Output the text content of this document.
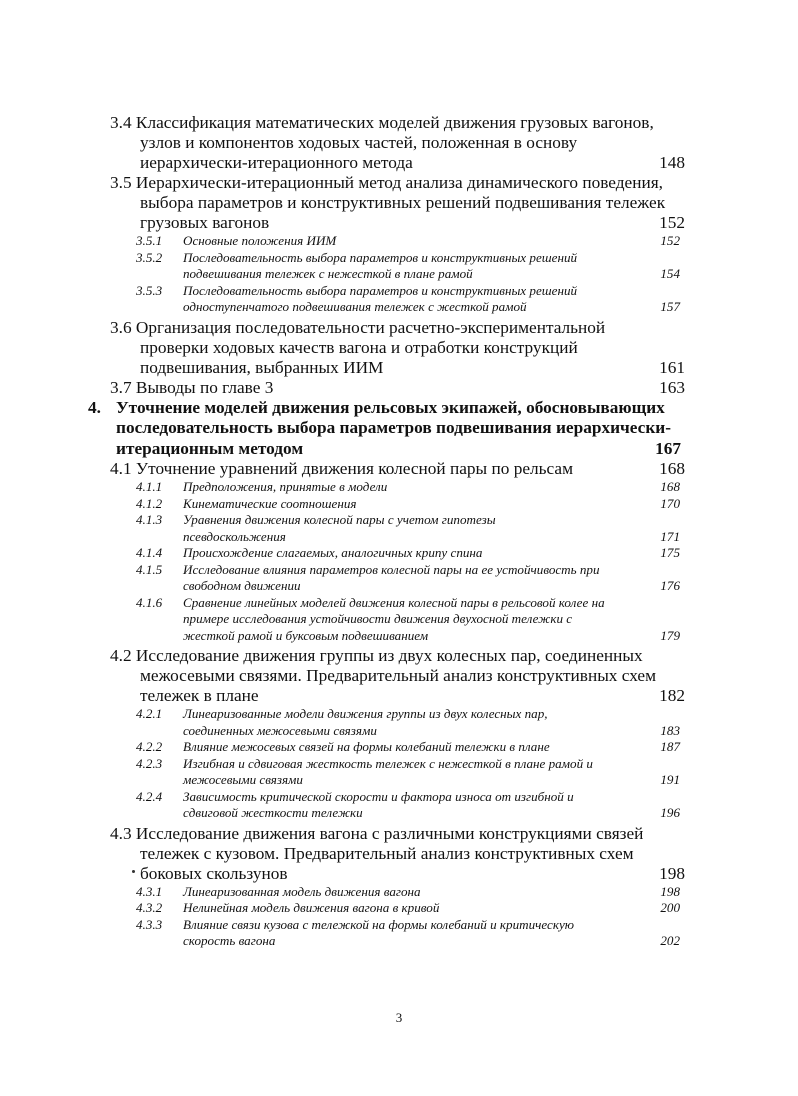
3.4 Классификация математических моделей движения грузовых вагонов,
узлов и компонентов ходовых частей, положенная в основу
иерархически-итерационного метода	148
3.5 Иерархически-итерационный метод анализа динамического поведения,
выбора параметров и конструктивных решений подвешивания тележек
грузовых вагонов	152
3.5.1	Основные положения ИИМ	152
3.5.2	Последовательность выбора параметров и конструктивных решений
подвешивания тележек с нежесткой в плане рамой	154
3.5.3	Последовательность выбора параметров и конструктивных решений
одноступенчатого подвешивания тележек с жесткой рамой	157
3.6 Организация последовательности расчетно-экспериментальной
проверки ходовых качеств вагона и отработки конструкций
подвешивания, выбранных ИИМ	161
3.7 Выводы по главе 3	163
4. Уточнение моделей движения рельсовых экипажей, обосновывающих
последовательность выбора параметров подвешивания иерархически-
итерационным методом	167
4.1 Уточнение уравнений движения колесной пары по рельсам	168
4.1.1	Предположения, принятые в модели	168
4.1.2	Кинематические соотношения	170
4.1.3	Уравнения движения колесной пары с учетом гипотезы
псевдоскольжения	171
4.1.4	Происхождение слагаемых, аналогичных крипу спина	175
4.1.5	Исследование влияния параметров колесной пары на ее устойчивость при
свободном движении	176
4.1.6	Сравнение линейных моделей движения колесной пары в рельсовой колее на
примере исследования устойчивости движения двухосной тележки с
жесткой рамой и буксовым подвешиванием	179
4.2 Исследование движения группы из двух колесных пар, соединенных
межосевыми связями. Предварительный анализ конструктивных схем
тележек в плане	182
4.2.1	Линеаризованные модели движения группы из двух колесных пар,
соединенных межосевыми связями	183
4.2.2	Влияние межосевых связей на формы колебаний тележки в плане	187
4.2.3	Изгибная и сдвиговая жесткость тележек с нежесткой в плане рамой и
межосевыми связями	191
4.2.4	Зависимость критической скорости и фактора износа от изгибной и
сдвиговой жесткости тележки	196
4.3 Исследование движения вагона с различными конструкциями связей
тележек с кузовом. Предварительный анализ конструктивных схем
боковых скользунов	198
4.3.1	Линеаризованная модель движения вагона	198
4.3.2	Нелинейная модель движения вагона в кривой	200
4.3.3	Влияние связи кузова с тележкой на формы колебаний и критическую
скорость вагона	202
3
